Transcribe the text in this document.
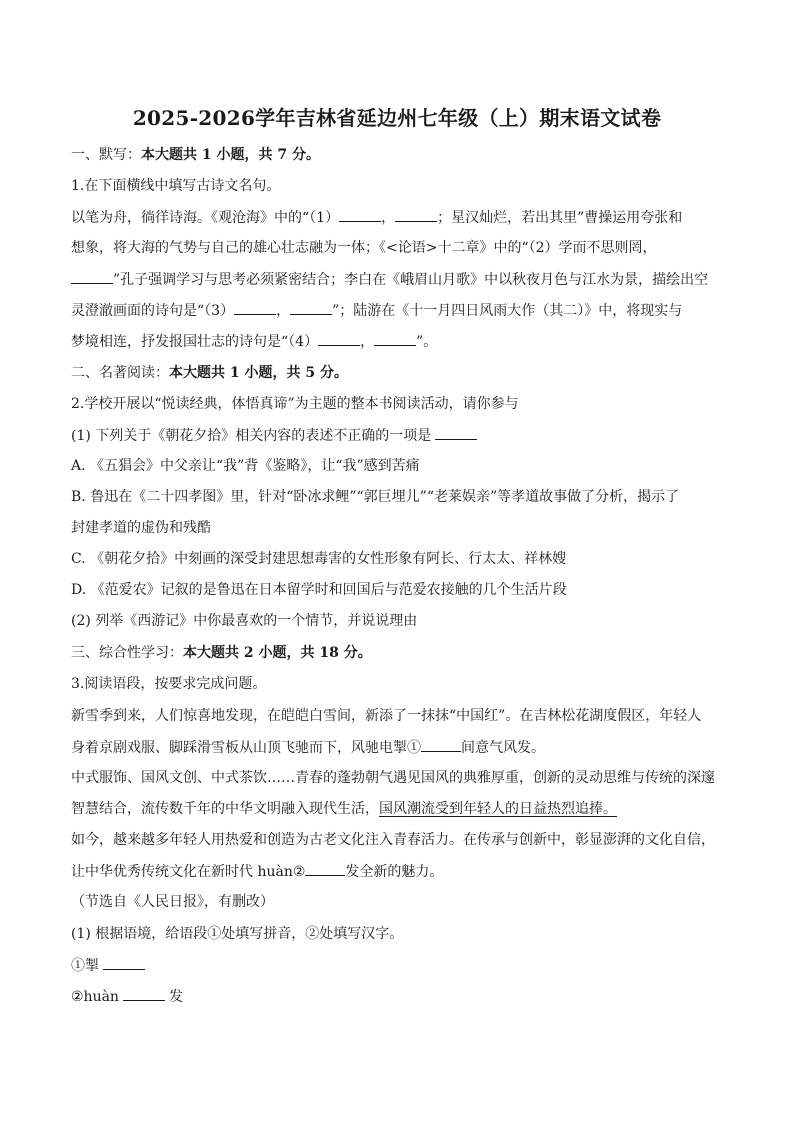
2025-2026学年吉林省延边州七年级（上）期末语文试卷
一、默写：本大题共 1 小题，共 7 分。
1.在下面横线中填写古诗文名句。
以笔为舟，徜徉诗海。《观沧海》中的“（1）	，	；星汉灿烂，若出其里”曹操运用夸张和
想象，将大海的气势与自己的雄心壮志融为一体；《<论语>十二章》中的“（2）学而不思则罔，
”孔子强调学习与思考必须紧密结合；李白在《峨眉山月歌》中以秋夜月色与江水为景，描绘出空
灵澄澈画面的诗句是“（3）	，	”；陆游在《十一月四日风雨大作（其二）》中，将现实与
梦境相连，抒发报国壮志的诗句是“（4）	，	”。
二、名著阅读：本大题共 1 小题，共 5 分。
2.学校开展以“悦读经典，体悟真谛”为主题的整本书阅读活动，请你参与
(1) 下列关于《朝花夕拾》相关内容的表述不正确的一项是
A. 《五猖会》中父亲让“我”背《鉴略》，让“我”感到苦痛
B. 鲁迅在《二十四孝图》里，针对“卧冰求鲤”“郭巨埋儿”“老莱娱亲”等孝道故事做了分析，揭示了
封建孝道的虚伪和残酷
C. 《朝花夕拾》中刻画的深受封建思想毒害的女性形象有阿长、行太太、祥林嫂
D. 《范爱农》记叙的是鲁迅在日本留学时和回国后与范爱农接触的几个生活片段
(2) 列举《西游记》中你最喜欢的一个情节，并说说理由
三、综合性学习：本大题共 2 小题，共 18 分。
3.阅读语段，按要求完成问题。
新雪季到来，人们惊喜地发现，在皑皑白雪间，新添了一抹抹“中国红”。在吉林松花湖度假区，年轻人
身着京剧戏服、脚踩滑雪板从山顶飞驰而下，风驰电掣①	间意气风发。
中式服饰、国风文创、中式茶饮……青春的蓬勃朝气遇见国风的典雅厚重，创新的灵动思维与传统的深邃
智慧结合，流传数千年的中华文明融入现代生活，国风潮流受到年轻人的日益热烈追捧。
如今，越来越多年轻人用热爱和创造为古老文化注入青春活力。在传承与创新中，彰显澎湃的文化自信，
让中华优秀传统文化在新时代 huàn②	发全新的魅力。
（节选自《人民日报》，有删改）
(1) 根据语境，给语段①处填写拼音，②处填写汉字。
①掣
②huàn	发
